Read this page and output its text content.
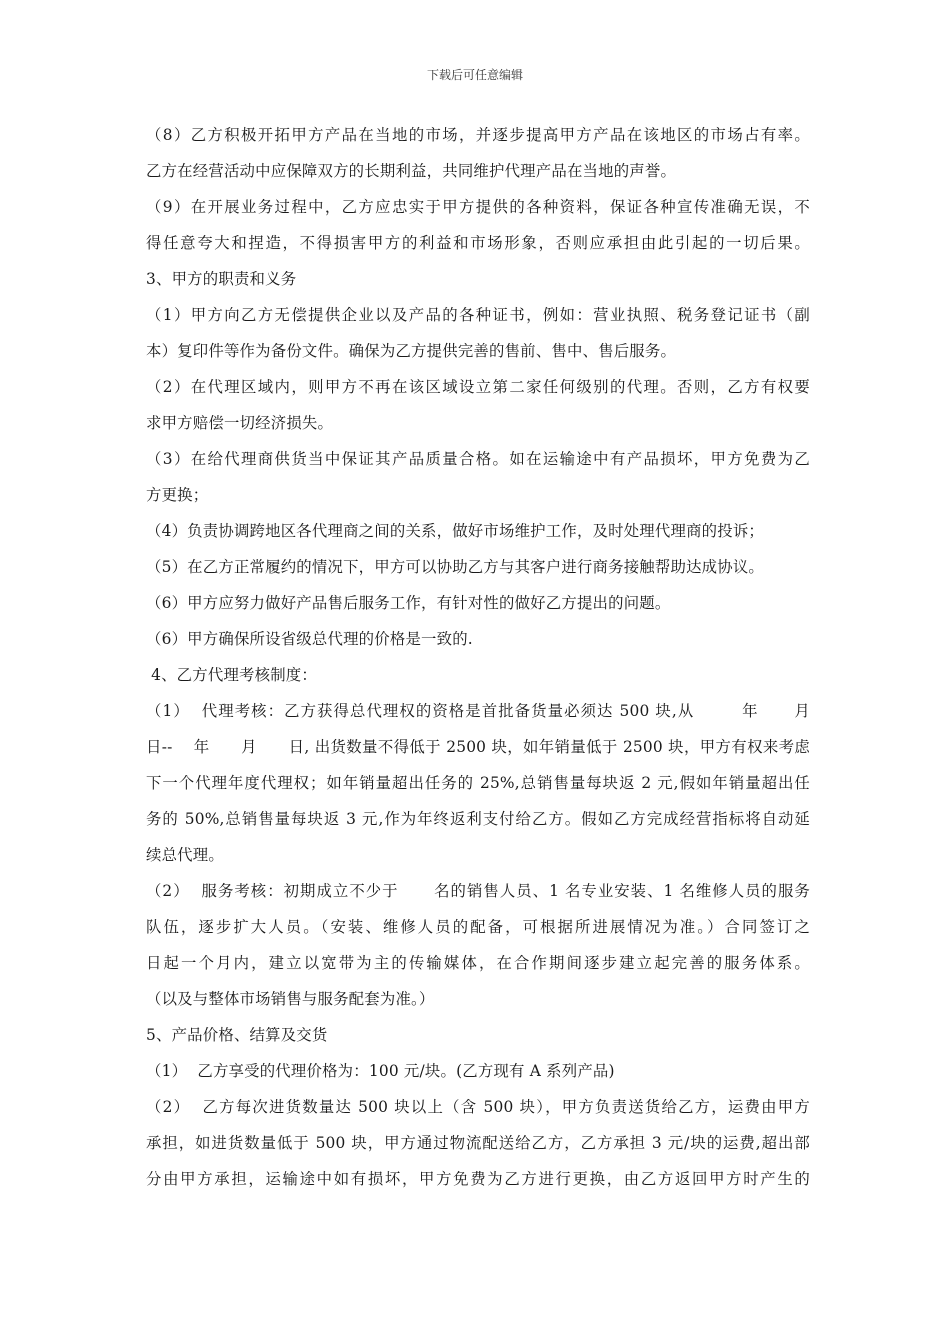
下载后可任意编辑
（8）乙方积极开拓甲方产品在当地的市场，并逐步提高甲方产品在该地区的市场占有率。
乙方在经营活动中应保障双方的长期利益，共同维护代理产品在当地的声誉。
（9）在开展业务过程中，乙方应忠实于甲方提供的各种资料，保证各种宣传准确无误，不
得任意夸大和捏造，不得损害甲方的利益和市场形象，否则应承担由此引起的一切后果。
3、甲方的职责和义务
（1）甲方向乙方无偿提供企业以及产品的各种证书，例如：营业执照、税务登记证书（副
本）复印件等作为备份文件。确保为乙方提供完善的售前、售中、售后服务。
（2）在代理区域内，则甲方不再在该区域设立第二家任何级别的代理。否则，乙方有权要
求甲方赔偿一切经济损失。
（3）在给代理商供货当中保证其产品质量合格。如在运输途中有产品损坏，甲方免费为乙
方更换；
（4）负责协调跨地区各代理商之间的关系，做好市场维护工作，及时处理代理商的投诉；
（5）在乙方正常履约的情况下，甲方可以协助乙方与其客户进行商务接触帮助达成协议。
（6）甲方应努力做好产品售后服务工作，有针对性的做好乙方提出的问题。
（6）甲方确保所设省级总代理的价格是一致的.
4、乙方代理考核制度：
（1）  代理考核：乙方获得总代理权的资格是首批备货量必须达 500 块,从        年      月
日--    年      月      日, 出货数量不得低于 2500 块，如年销量低于 2500 块，甲方有权来考虑
下一个代理年度代理权；如年销量超出任务的 25%,总销售量每块返 2 元,假如年销量超出任
务的 50%,总销售量每块返 3 元,作为年终返利支付给乙方。假如乙方完成经营指标将自动延
续总代理。
（2）  服务考核：初期成立不少于      名的销售人员、1 名专业安装、1 名维修人员的服务
队伍，逐步扩大人员。（安装、维修人员的配备，可根据所进展情况为准。）合同签订之
日起一个月内，建立以宽带为主的传输媒体，在合作期间逐步建立起完善的服务体系。
（以及与整体市场销售与服务配套为准。）
5、产品价格、结算及交货
（1）  乙方享受的代理价格为：100 元/块。(乙方现有 A 系列产品)
（2）  乙方每次进货数量达 500 块以上（含 500 块），甲方负责送货给乙方，运费由甲方
承担，如进货数量低于 500 块，甲方通过物流配送给乙方，乙方承担 3 元/块的运费,超出部
分由甲方承担，运输途中如有损坏，甲方免费为乙方进行更换，由乙方返回甲方时产生的
